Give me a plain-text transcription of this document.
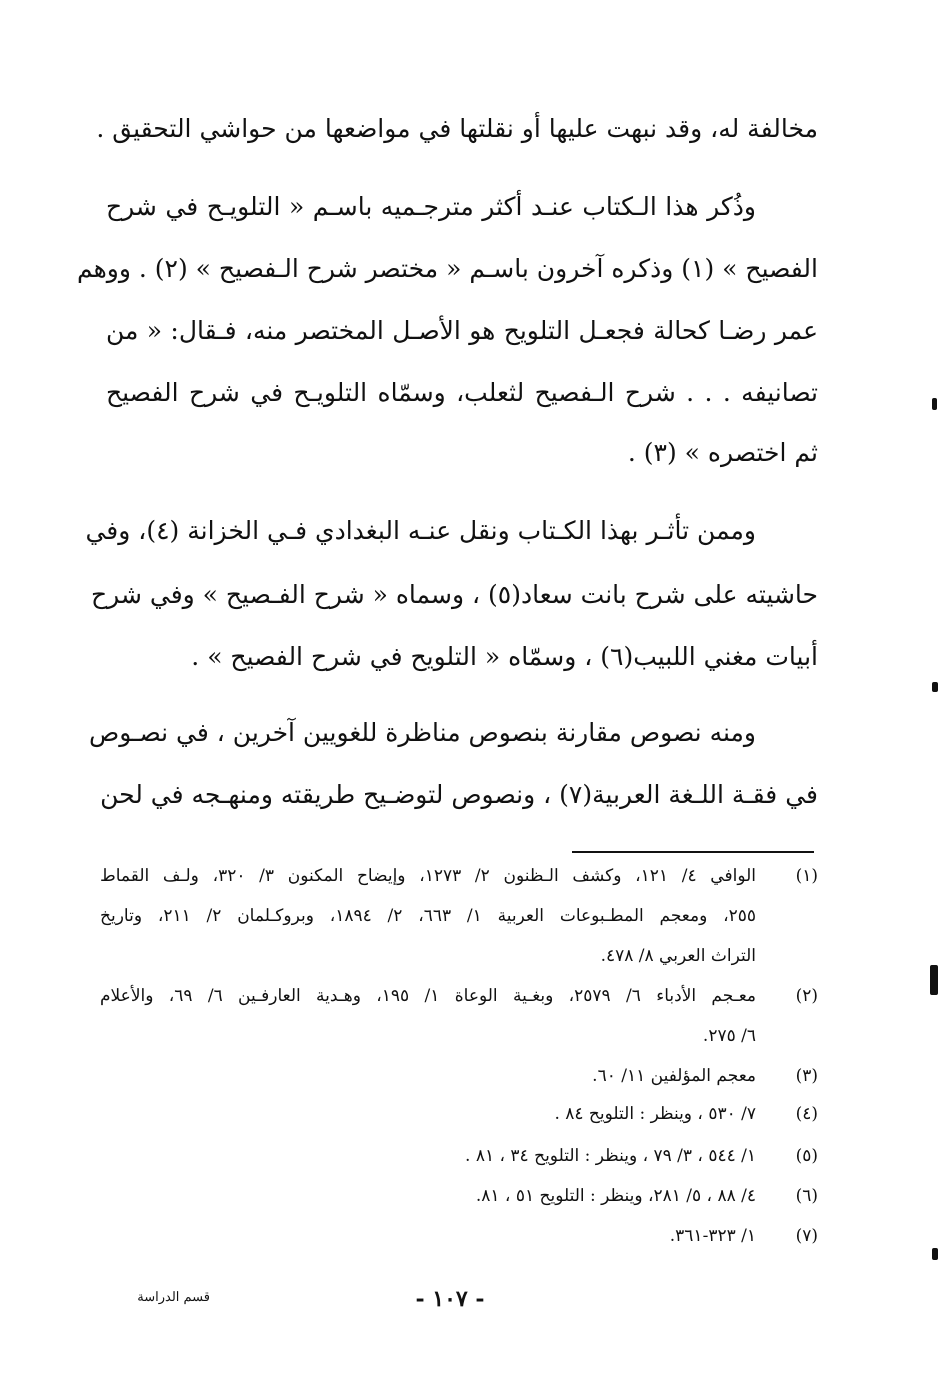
مخالفة له، وقد نبهت عليها أو نقلتها في مواضعها من حواشي التحقيق .
وذُكر هذا الـكتاب عنـد أكثر مترجـميه باسـم « التلويـح في شرح
الفصيح » (١) وذكره آخرون باسـم « مختصر شرح الـفصيح » (٢) . ووهم
عمر رضـا كحالة فجعـل التلويح هو الأصـل المختصر منه، فـقال: « من
تصانيفه . . . شرح الـفصيح لثعلب، وسمّاه التلويـح في شرح الفصيح
ثم اختصره » (٣) .
وممن تأثـر بهذا الكـتاب ونقل عنـه البغدادي فـي الخزانة (٤)، وفي
حاشيته على شرح بانت سعاد(٥) ، وسماه « شرح الفـصيح » وفي شرح
أبيات مغني اللبيب(٦) ، وسمّاه « التلويح في شرح الفصيح » .
ومنه نصوص مقارنة بنصوص مناظرة للغويين آخرين ، في نصـوص
في فقـة اللـغة العربية(٧) ، ونصوص لتوضـيح طريقته ومنهـجه في لحن
(١)
الوافي ٤/ ١٢١، وكشف الـظنون ٢/ ١٢٧٣، وإيضاح المكنون ٣/ ٣٢٠، ولـف القماط
٢٥٥، ومعجم المطـبوعات العربية ١/ ٦٦٣، ٢/ ١٨٩٤، وبروكـلمان ٢/ ٢١١، وتاريخ
التراث العربي ٨/ ٤٧٨.
(٢)
معـجم الأدباء ٦/ ٢٥٧٩، وبغـية الوعاة ١/ ١٩٥، وهـدية العارفـين ٦/ ٦٩، والأعلام
٦/ ٢٧٥.
(٣)
معجم المؤلفين ١١/ ٦٠.
(٤)
٧/ ٥٣٠ ، وينظر : التلويح ٨٤ .
(٥)
١/ ٥٤٤ ، ٣/ ٧٩ ، وينظر : التلويح ٣٤ ، ٨١ .
(٦)
٤/ ٨٨ ، ٥/ ٢٨١، وينظر : التلويح ٥١ ، ٨١.
(٧)
١/ ٣٢٣-٣٦١.
- ١٠٧ -
قسم الدراسة
